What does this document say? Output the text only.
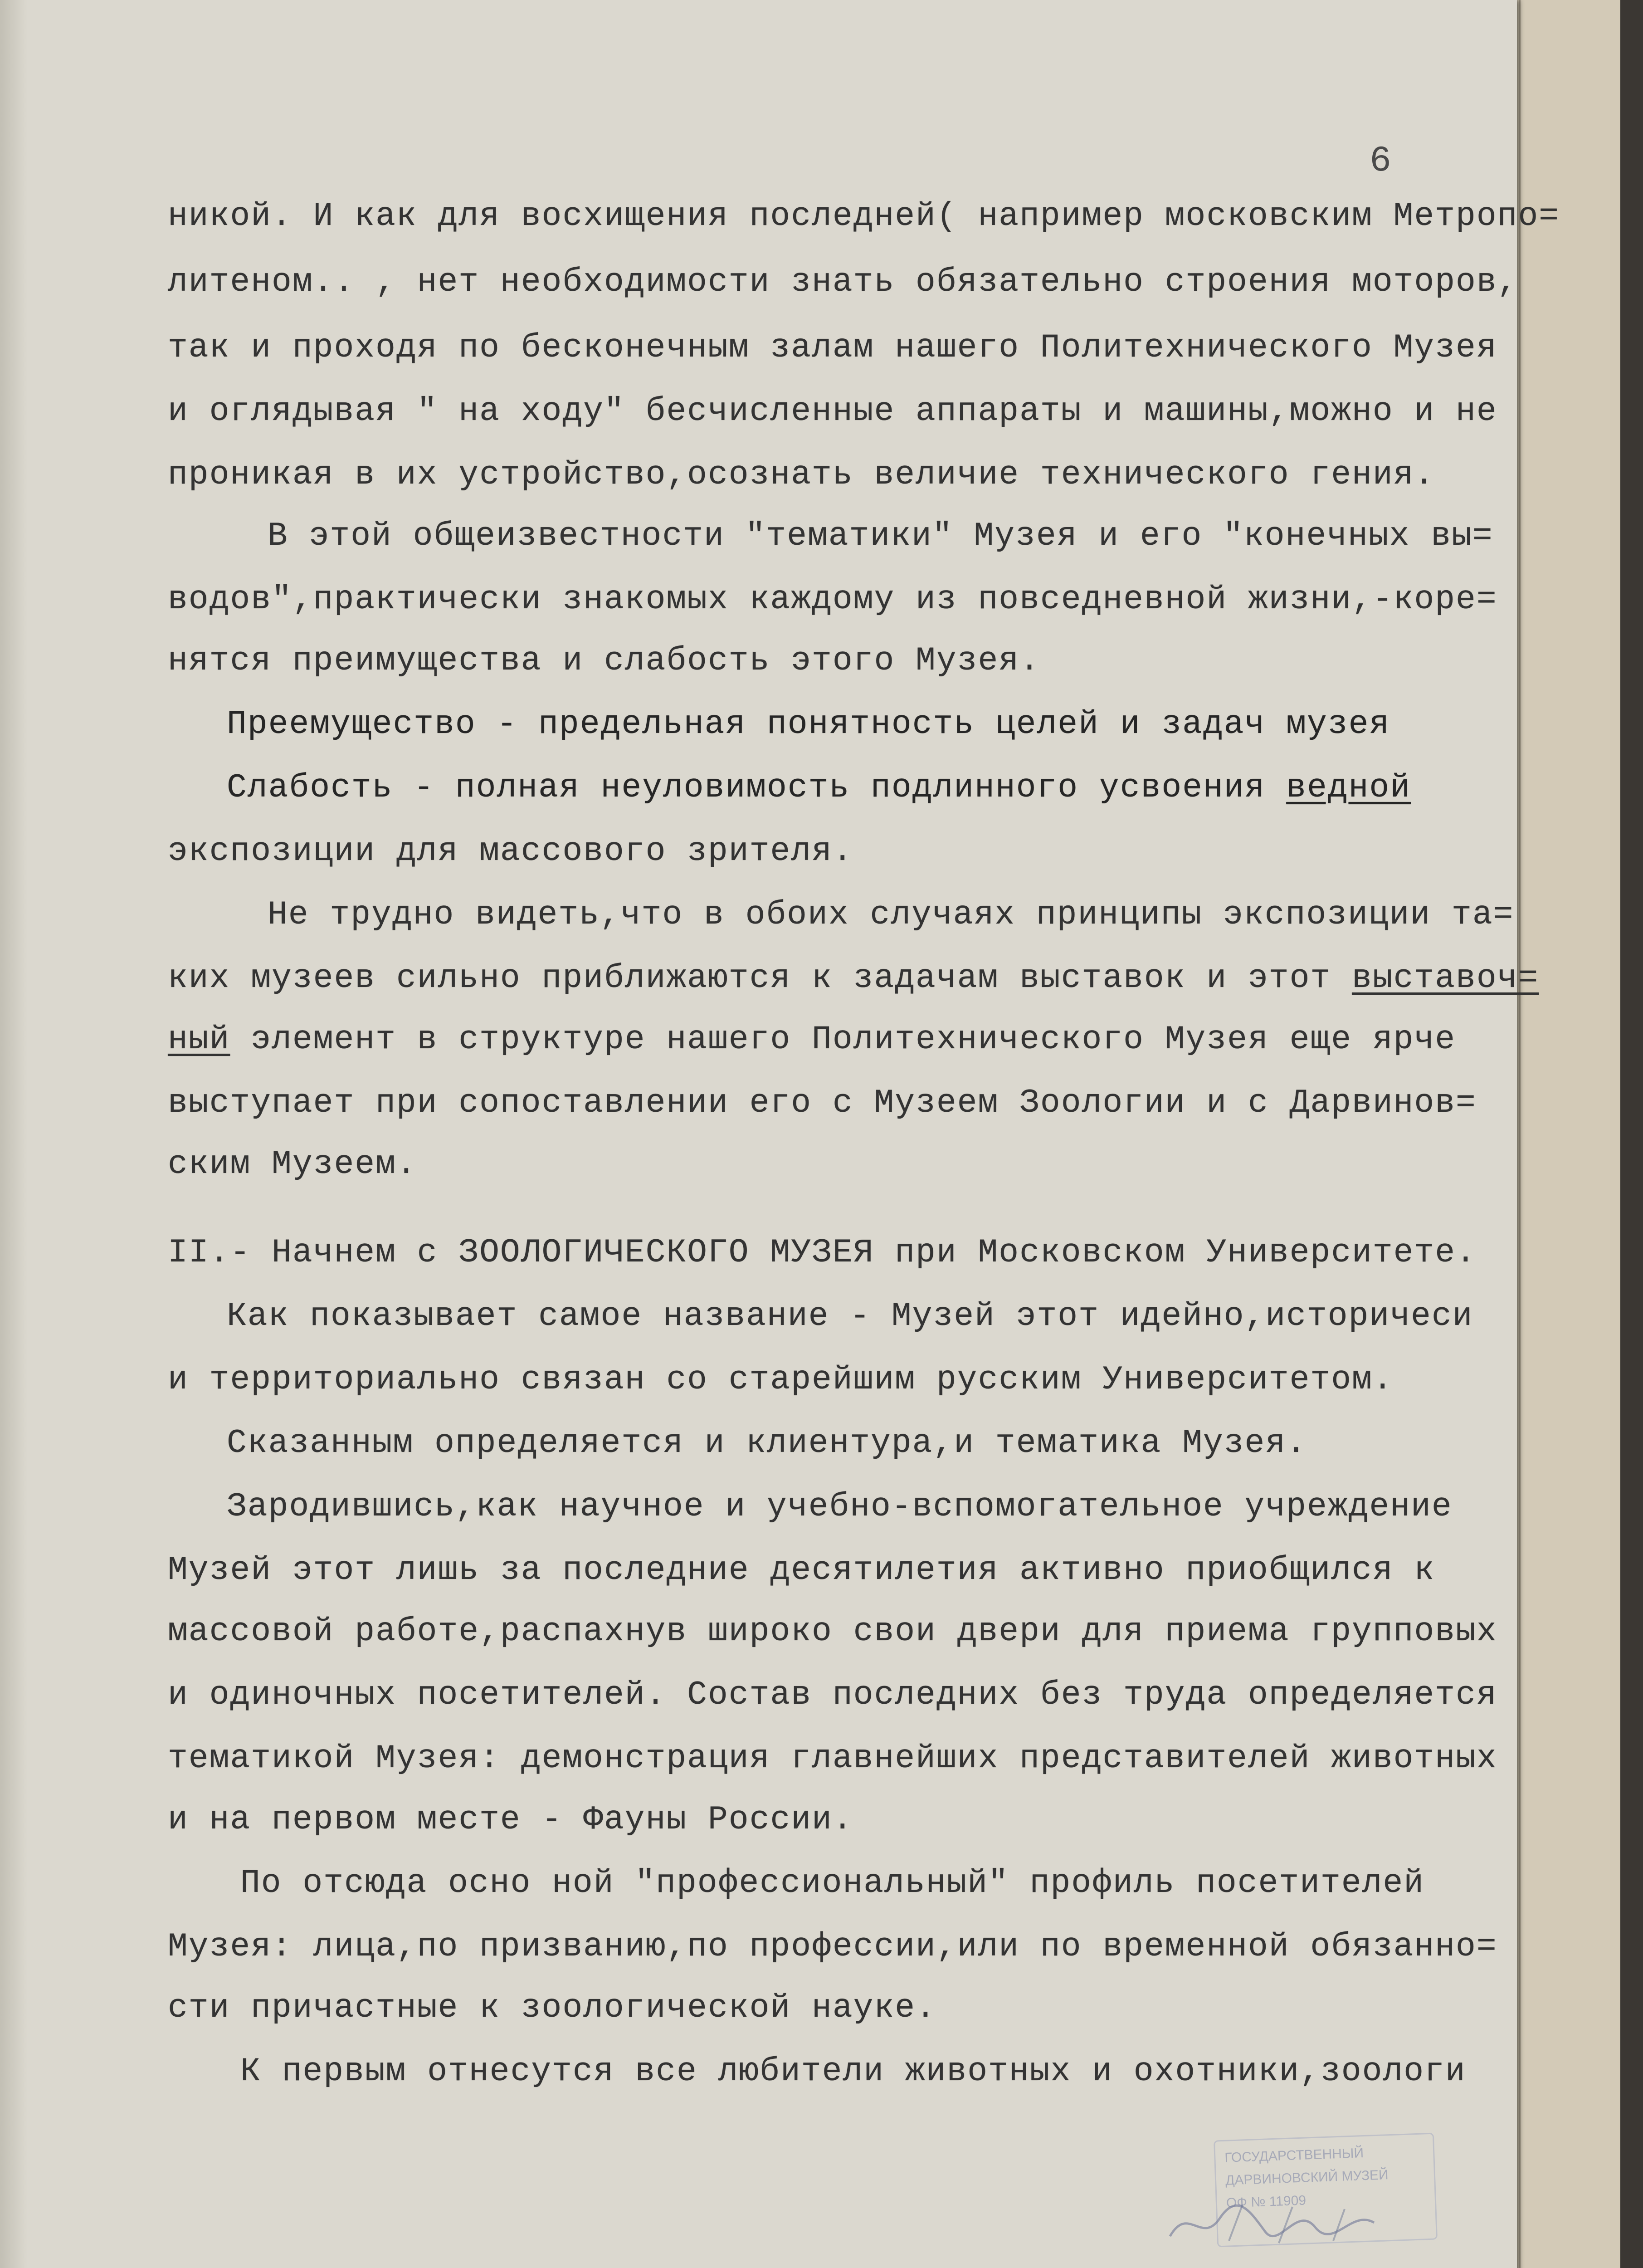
6
никой. И как для восхищения последней( например московским Метропо=
литеном.. , нет необходимости знать обязательно строения моторов,
так и проходя по бесконечным залам нашего Политехнического Музея
и оглядывая " на ходу" бесчисленные аппараты и машины,можно и не
проникая в их устройство,осознать величие технического гения.
В этой общеизвестности "тематики" Музея и его "конечных вы=
водов",практически знакомых каждому из повседневной жизни,-коре=
нятся преимущества и слабость этого Музея.
Преемущество - предельная понятность целей и задач музея
Слабость - полная неуловимость подлинного усвоения ведной
экспозиции для массового зрителя.
Не трудно видеть,что в обоих случаях принципы экспозиции та=
ких музеев сильно приближаются к задачам выставок и этот выставоч=
ный элемент в структуре нашего Политехнического Музея еще ярче
выступает при сопоставлении его с Музеем Зоологии и с Дарвинов=
ским Музеем.
II.- Начнем с ЗООЛОГИЧЕСКОГО МУЗЕЯ при Московском Университете.
Как показывает самое название - Музей этот идейно,историчеси
и территориально связан со старейшим русским Университетом.
Сказанным определяется и клиентура,и тематика Музея.
Зародившись,как научное и учебно-вспомогательное учреждение
Музей этот лишь за последние десятилетия активно приобщился к
массовой работе,распахнув широко свои двери для приема групповых
и одиночных посетителей. Состав последних без труда определяется
тематикой Музея: демонстрация главнейших представителей животных
и на первом месте - Фауны России.
По отсюда осно ной "профессиональный" профиль посетителей
Музея: лица,по призванию,по профессии,или по временной обязанно=
сти причастные к зоологической науке.
К первым отнесутся все любители животных и охотники,зоологи
ГОСУДАРСТВЕННЫЙ
ДАРВИНОВСКИЙ МУЗЕЙ
ОФ № 11909
